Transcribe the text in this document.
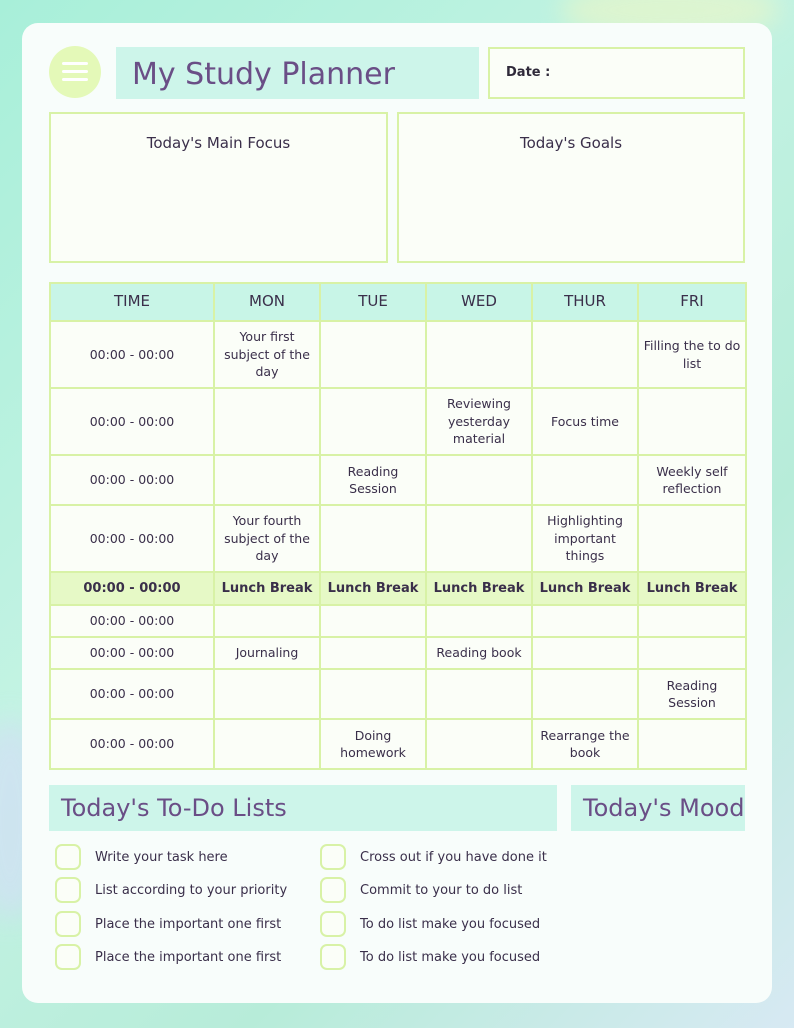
My Study Planner	Date :
Today's Main Focus	Today's Goals
TIME	MON	TUE	WED	THUR	FRI
00:00 - 00:00	Your first subject of the day				Filling the to do list
00:00 - 00:00			Reviewing yesterday material	Focus time	
00:00 - 00:00		Reading Session			Weekly self reflection
00:00 - 00:00	Your fourth subject of the day			Highlighting important things	
00:00 - 00:00	Lunch Break	Lunch Break	Lunch Break	Lunch Break	Lunch Break
00:00 - 00:00					
00:00 - 00:00	Journaling		Reading book		
00:00 - 00:00					Reading Session
00:00 - 00:00		Doing homework		Rearrange the book	
Today's To-Do Lists	Today's Mood
Write your task here
List according to your priority
Place the important one first
Place the important one first
Cross out if you have done it
Commit to your to do list
To do list make you focused
To do list make you focused
